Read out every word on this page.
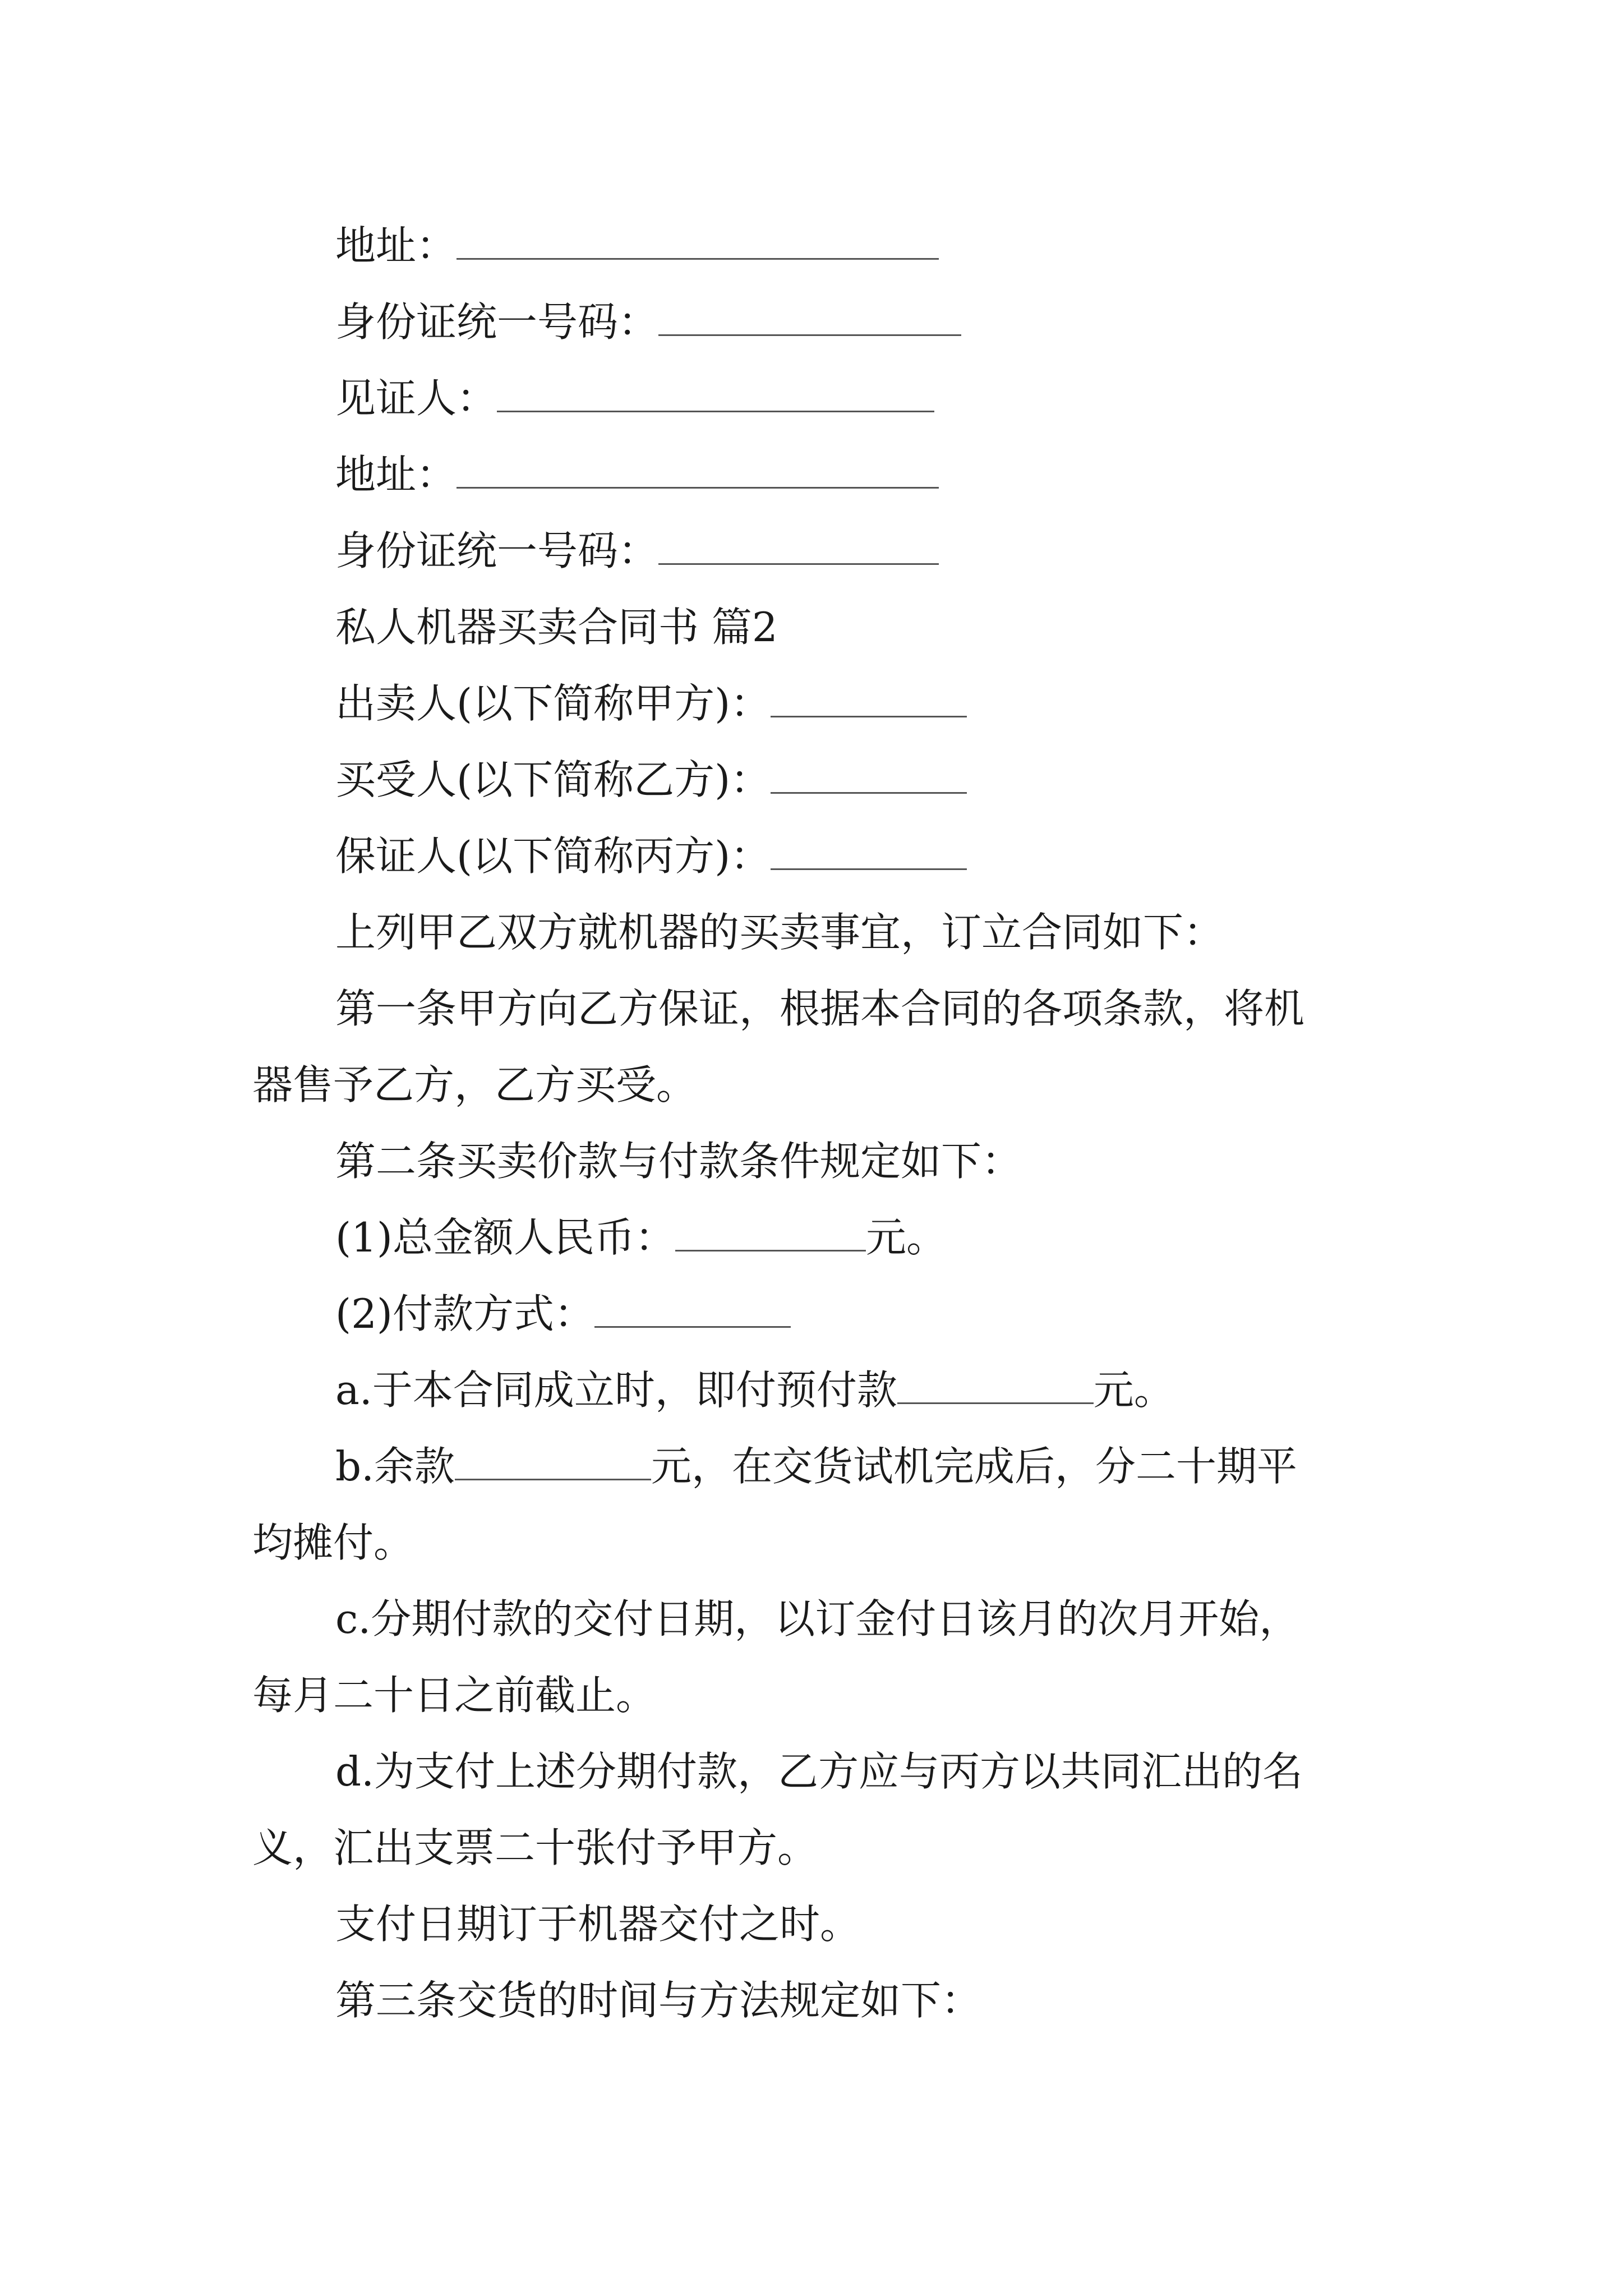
地址：
身份证统一号码：
见证人：
地址：
身份证统一号码：
私人机器买卖合同书 篇2
出卖人(以下简称甲方)：
买受人(以下简称乙方)：
保证人(以下简称丙方)：
上列甲乙双方就机器的买卖事宜，订立合同如下：
第一条甲方向乙方保证，根据本合同的各项条款，将机
器售予乙方，乙方买受。
第二条买卖价款与付款条件规定如下：
(1)总金额人民币：	元。
(2)付款方式：
a.于本合同成立时，即付预付款	元。
b.余款	元，在交货试机完成后，分二十期平
均摊付。
c.分期付款的交付日期，以订金付日该月的次月开始，
每月二十日之前截止。
d.为支付上述分期付款，乙方应与丙方以共同汇出的名
义，汇出支票二十张付予甲方。
支付日期订于机器交付之时。
第三条交货的时间与方法规定如下：
